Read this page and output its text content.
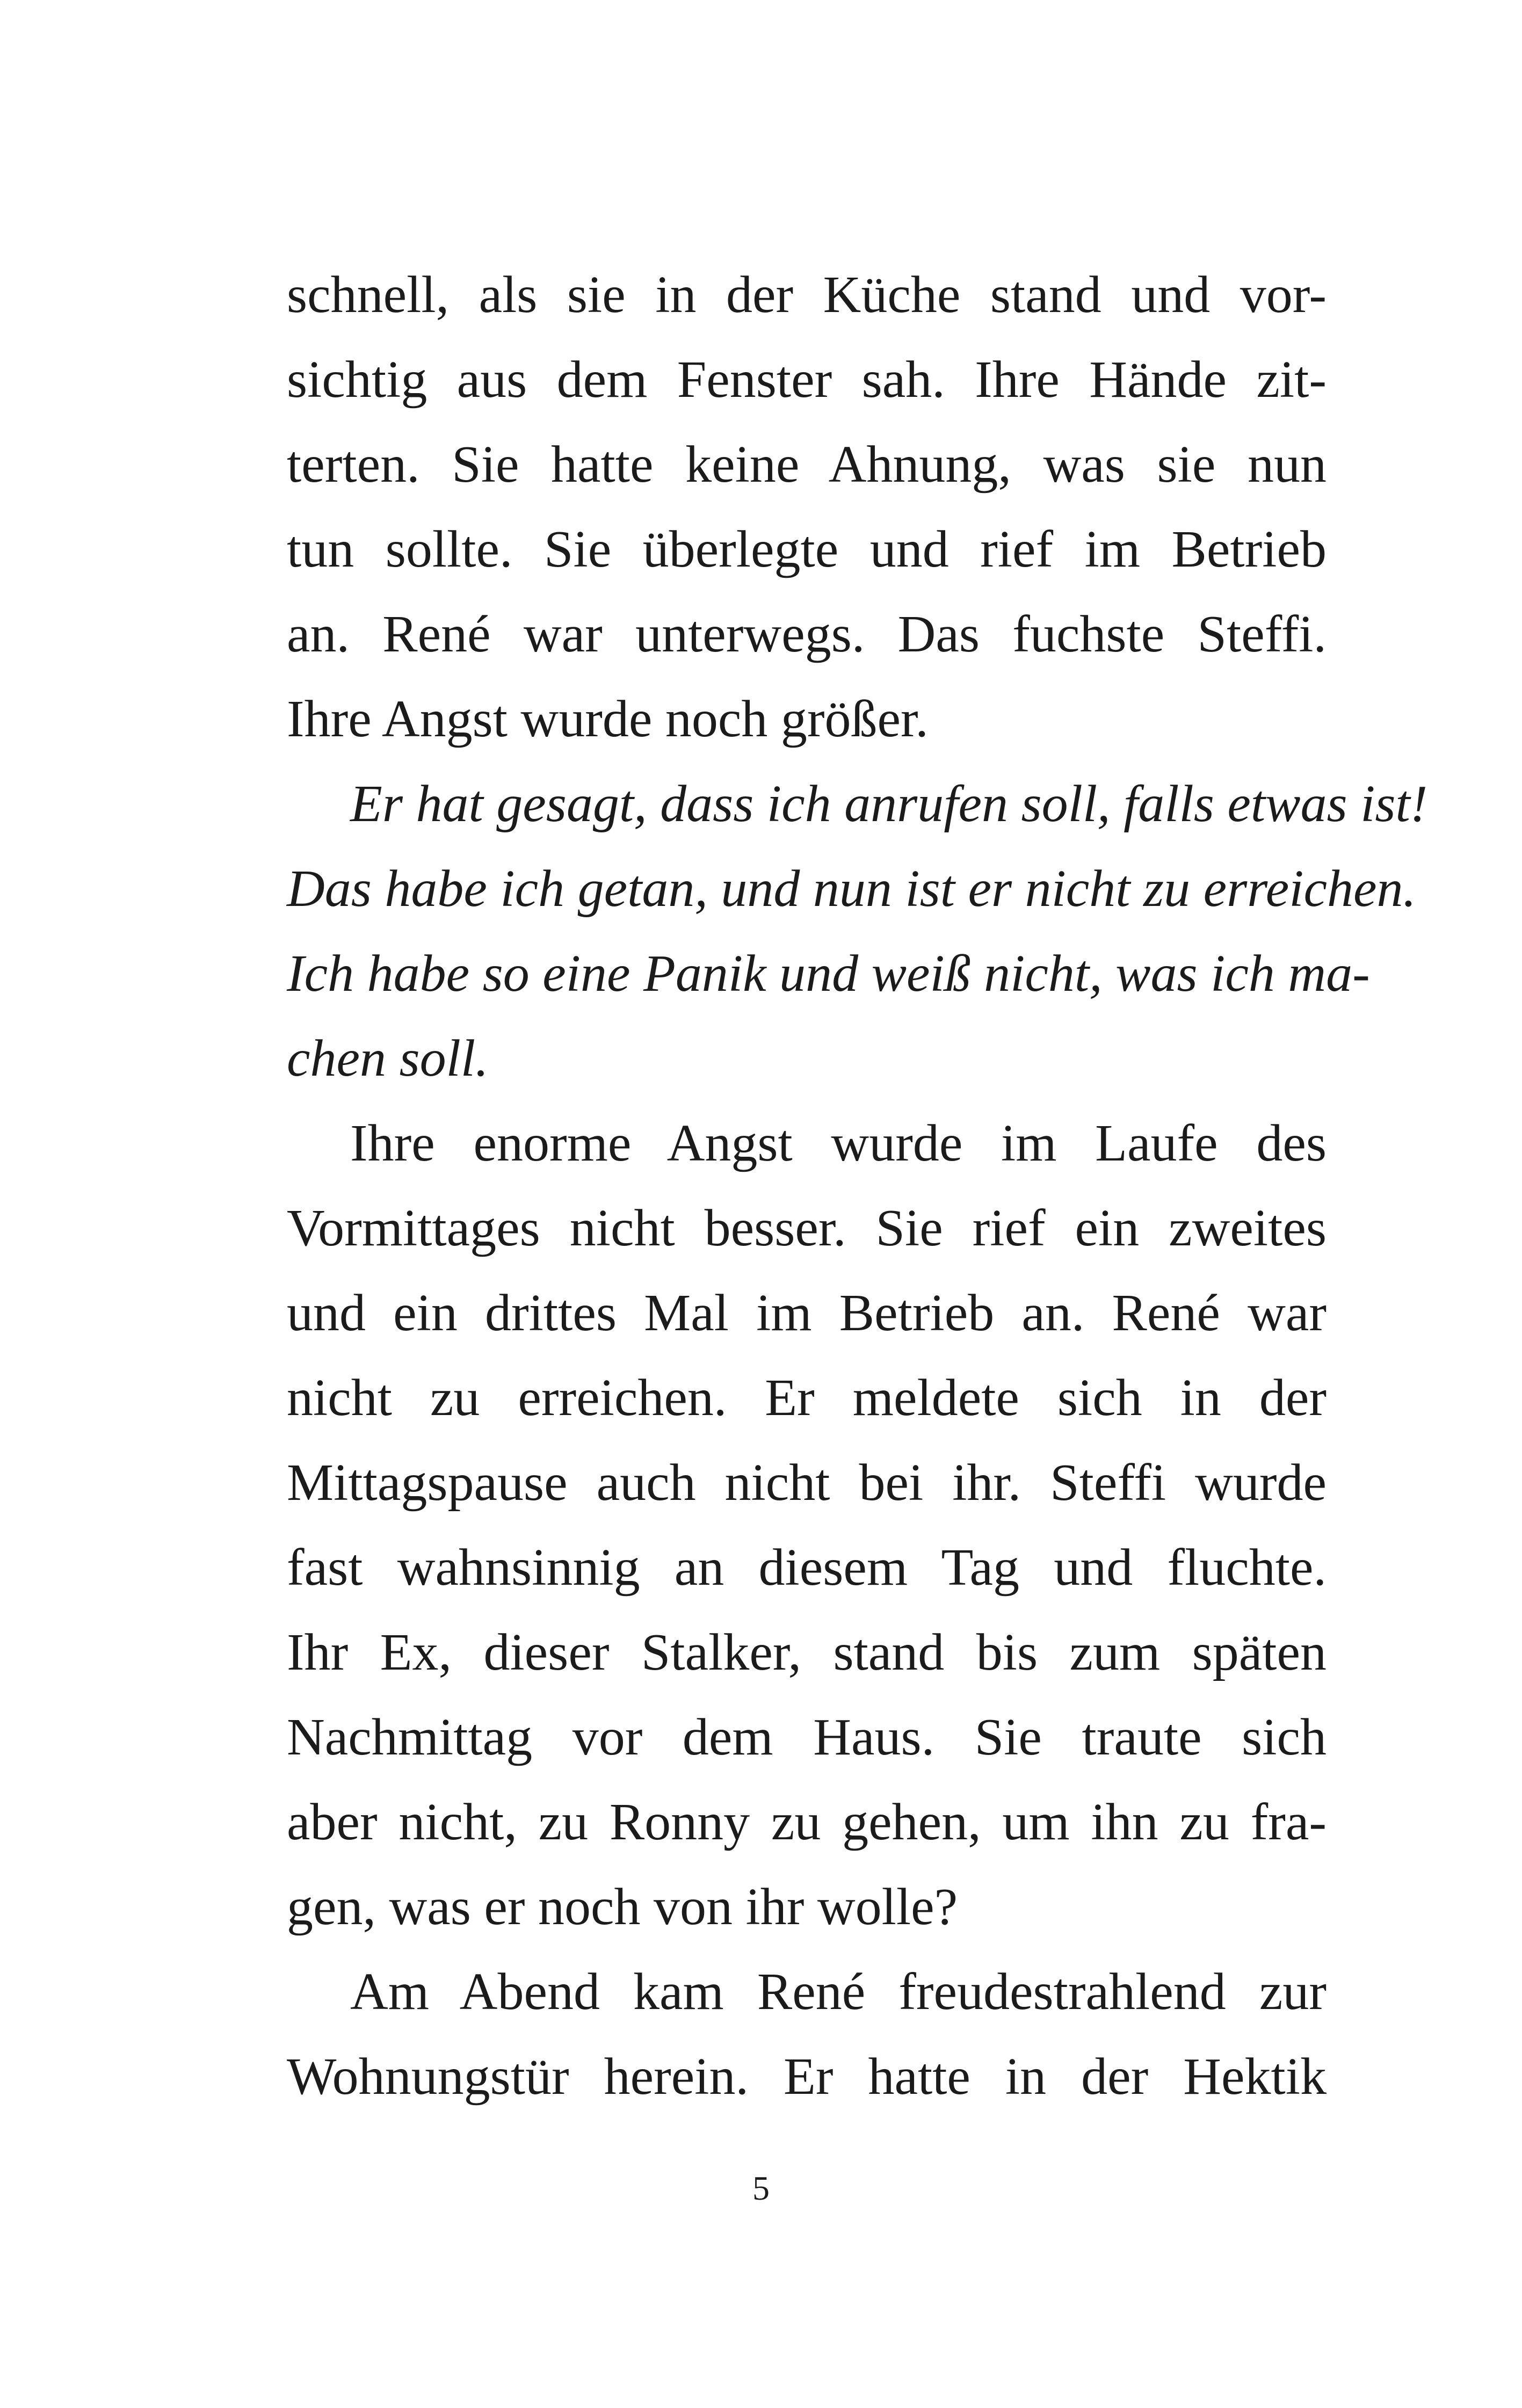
schnell, als sie in der Küche stand und vor-
sichtig aus dem Fenster sah. Ihre Hände zit-
terten. Sie hatte keine Ahnung, was sie nun
tun sollte. Sie überlegte und rief im Betrieb
an. René war unterwegs. Das fuchste Steffi.
Ihre Angst wurde noch größer.
Er hat gesagt, dass ich anrufen soll, falls etwas ist!
Das habe ich getan, und nun ist er nicht zu erreichen.
Ich habe so eine Panik und weiß nicht, was ich ma-
chen soll.
Ihre enorme Angst wurde im Laufe des
Vormittages nicht besser. Sie rief ein zweites
und ein drittes Mal im Betrieb an. René war
nicht zu erreichen. Er meldete sich in der
Mittagspause auch nicht bei ihr. Steffi wurde
fast wahnsinnig an diesem Tag und fluchte.
Ihr Ex, dieser Stalker, stand bis zum späten
Nachmittag vor dem Haus. Sie traute sich
aber nicht, zu Ronny zu gehen, um ihn zu fra-
gen, was er noch von ihr wolle?
Am Abend kam René freudestrahlend zur
Wohnungstür herein. Er hatte in der Hektik
5
